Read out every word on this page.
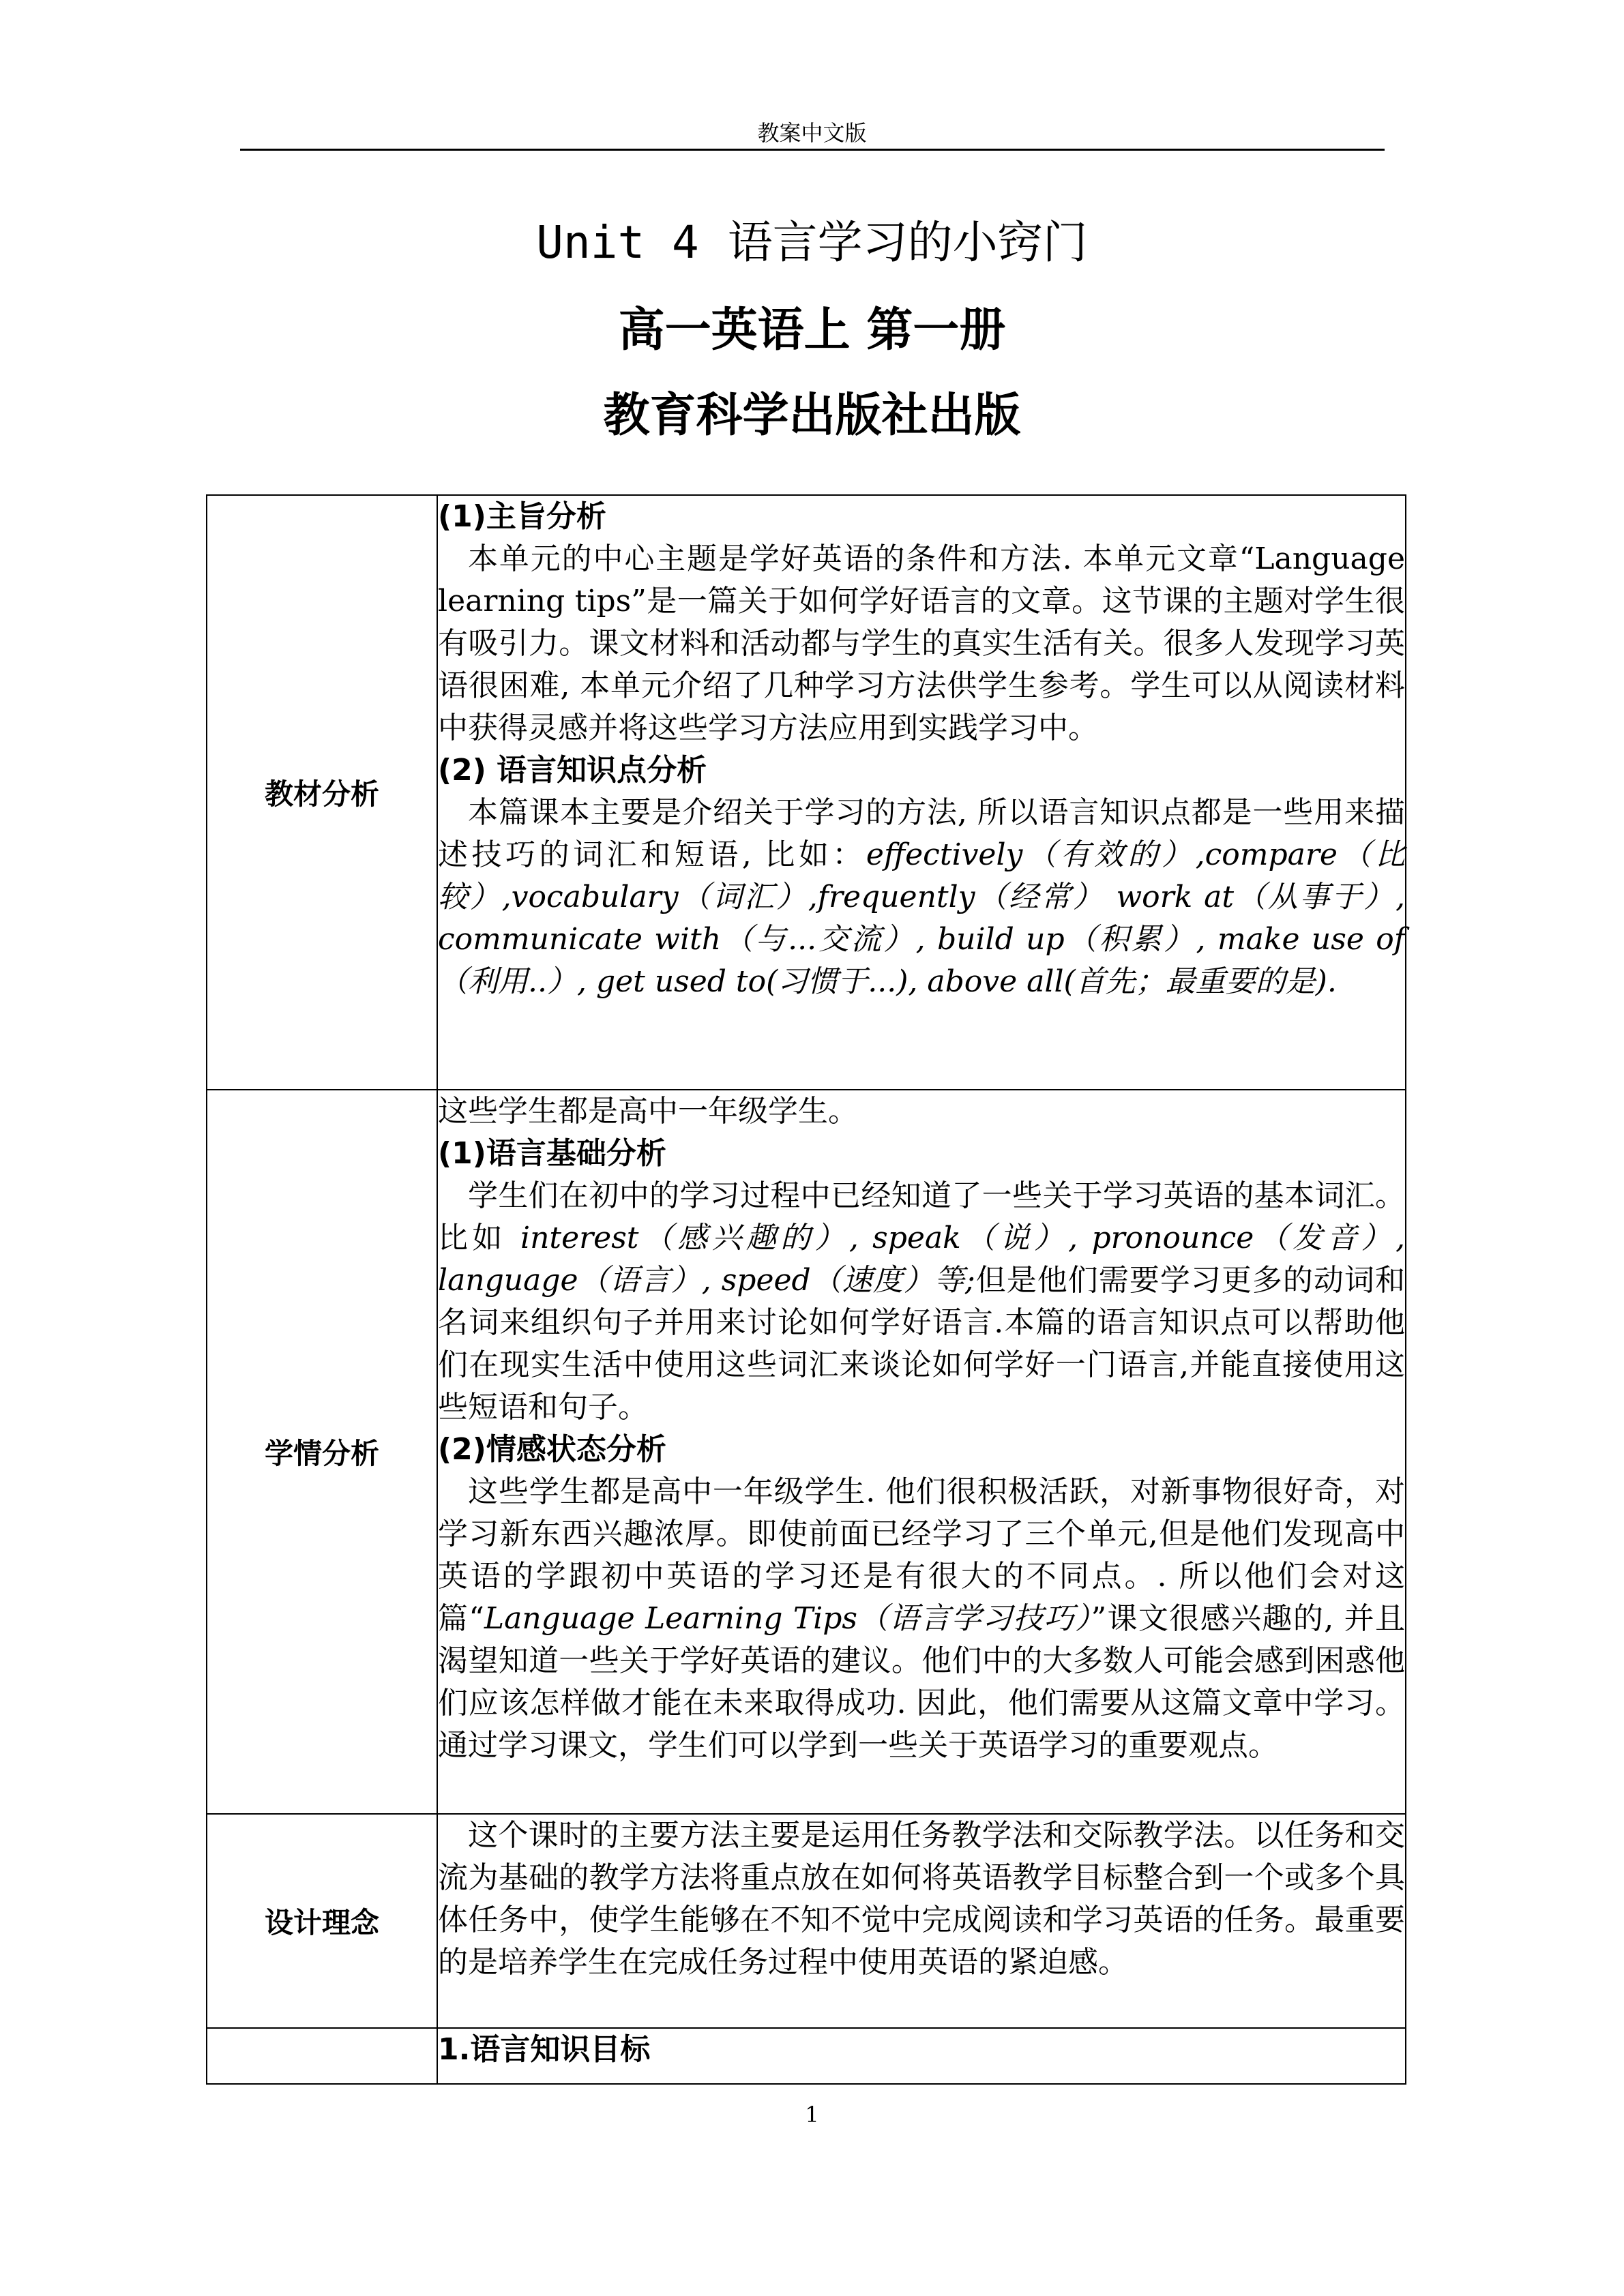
教案中文版
Unit 4 语言学习的小窍门
高一英语上 第一册
教育科学出版社出版
教材分析	(1)主旨分析
本单元的中心主题是学好英语的条件和方法. 本单元文章“Language learning tips”是一篇关于如何学好语言的文章。这节课的主题对学生很有吸引力。课文材料和活动都与学生的真实生活有关。很多人发现学习英语很困难, 本单元介绍了几种学习方法供学生参考。学生可以从阅读材料中获得灵感并将这些学习方法应用到实践学习中。
(2) 语言知识点分析
本篇课本主要是介绍关于学习的方法, 所以语言知识点都是一些用来描述技巧的词汇和短语, 比如：effectively（有效的）,compare（比较）,vocabulary（词汇）,frequently（经常） work at（从事于）, communicate with（与...交流）, build up（积累）, make use of（利用..）, get used to(习惯于...), above all(首先；最重要的是).

学情分析	这些学生都是高中一年级学生。
(1)语言基础分析
学生们在初中的学习过程中已经知道了一些关于学习英语的基本词汇。比如 interest（感兴趣的）, speak（说）, pronounce（发音）, language（语言）, speed（速度）等;但是他们需要学习更多的动词和名词来组织句子并用来讨论如何学好语言.本篇的语言知识点可以帮助他们在现实生活中使用这些词汇来谈论如何学好一门语言,并能直接使用这些短语和句子。
(2)情感状态分析
这些学生都是高中一年级学生. 他们很积极活跃，对新事物很好奇，对学习新东西兴趣浓厚。即使前面已经学习了三个单元,但是他们发现高中英语的学跟初中英语的学习还是有很大的不同点。. 所以他们会对这篇“Language Learning Tips（语言学习技巧）”课文很感兴趣的, 并且渴望知道一些关于学好英语的建议。他们中的大多数人可能会感到困惑他们应该怎样做才能在未来取得成功. 因此，他们需要从这篇文章中学习。通过学习课文，学生们可以学到一些关于英语学习的重要观点。

设计理念	这个课时的主要方法主要是运用任务教学法和交际教学法。以任务和交流为基础的教学方法将重点放在如何将英语教学目标整合到一个或多个具体任务中，使学生能够在不知不觉中完成阅读和学习英语的任务。最重要的是培养学生在完成任务过程中使用英语的紧迫感。

	1.语言知识目标
1
